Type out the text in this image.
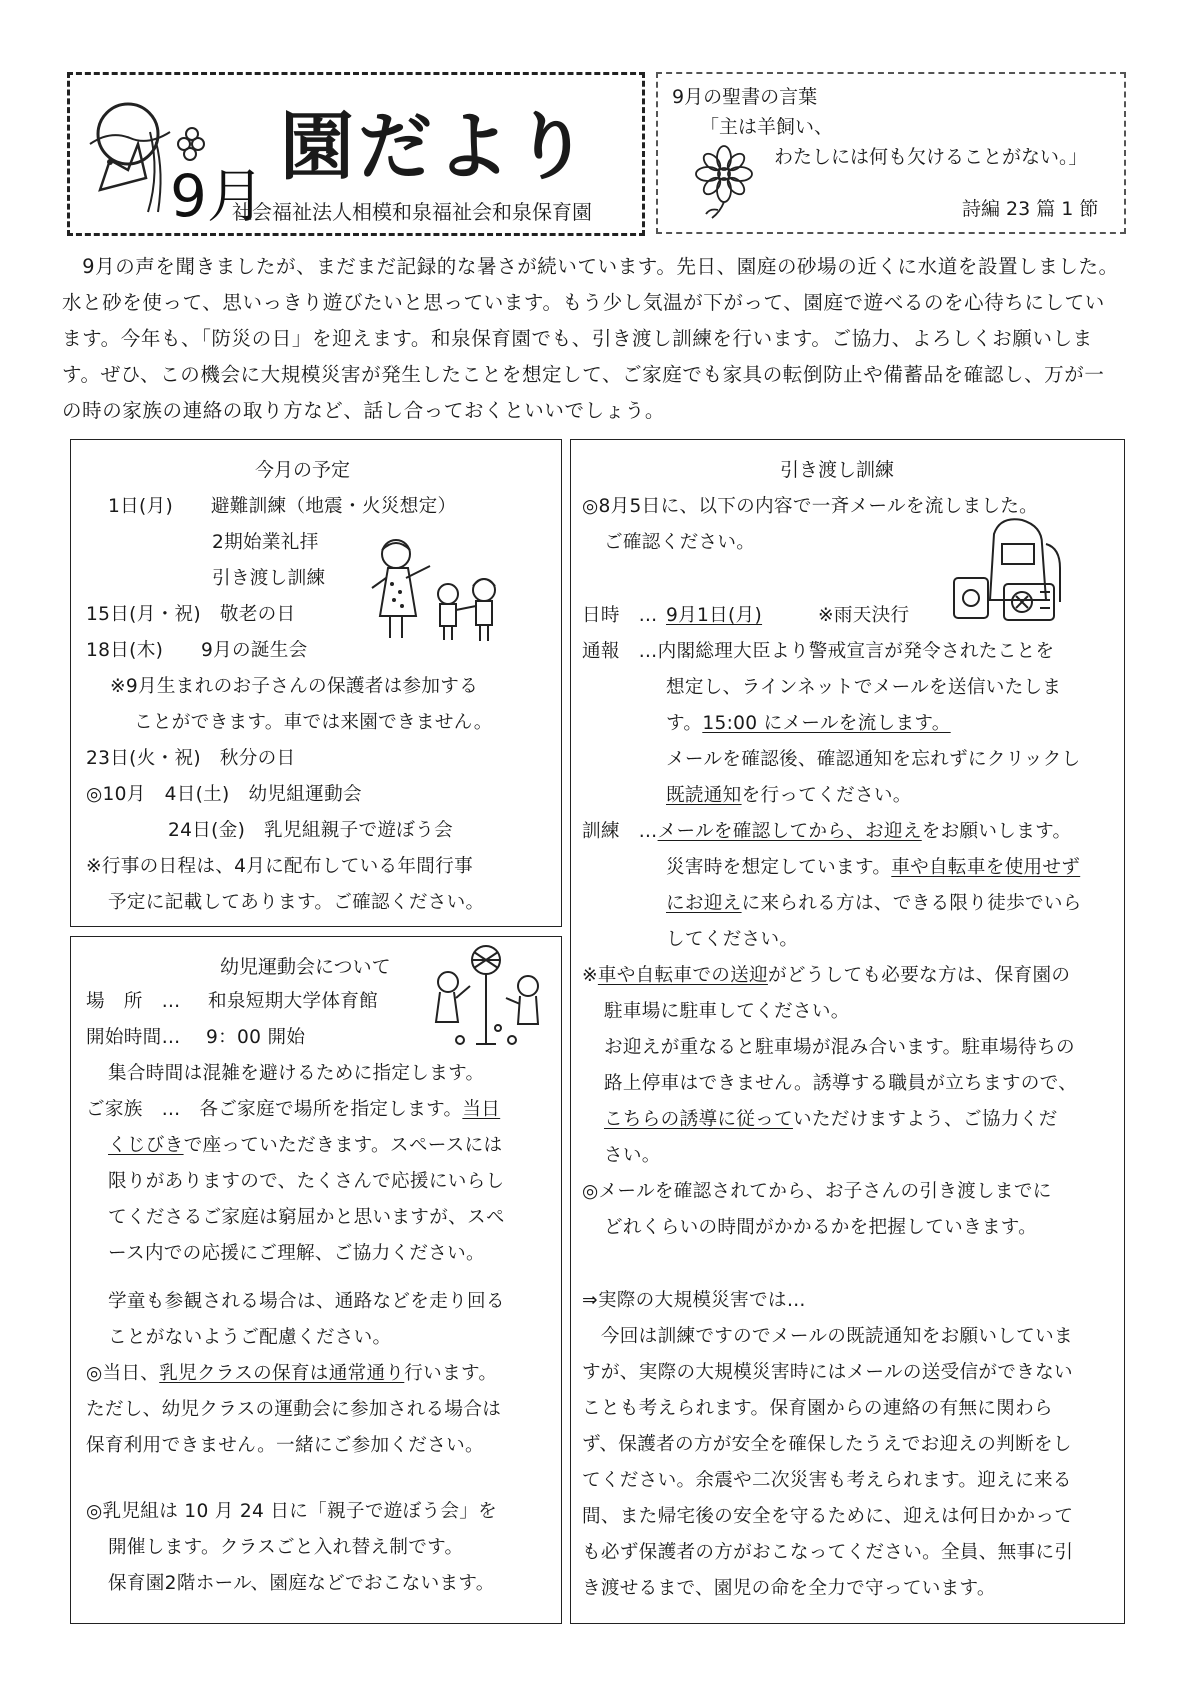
9月
園だより
社会福祉法人相模和泉福祉会和泉保育園
9月の聖書の言葉
「主は羊飼い、
わたしには何も欠けることがない。」
詩編 23 篇 1 節
　9月の声を聞きましたが、まだまだ記録的な暑さが続いています。先日、園庭の砂場の近くに水道を設置しました。
水と砂を使って、思いっきり遊びたいと思っています。もう少し気温が下がって、園庭で遊べるのを心待ちにしてい
ます。今年も、「防災の日」を迎えます。和泉保育園でも、引き渡し訓練を行います。ご協力、よろしくお願いしま
す。ぜひ、この機会に大規模災害が発生したことを想定して、ご家庭でも家具の転倒防止や備蓄品を確認し、万が一
の時の家族の連絡の取り方など、話し合っておくといいでしょう。
今月の予定
1日(月)　　避難訓練（地震・火災想定）
2期始業礼拝
引き渡し訓練
15日(月・祝)　敬老の日
18日(木)　　9月の誕生会
※9月生まれのお子さんの保護者は参加する
ことができます。車では来園できません。
23日(火・祝)　秋分の日
◎10月　4日(土)　幼児組運動会
24日(金)　乳児組親子で遊ぼう会
※行事の日程は、4月に配布している年間行事
予定に記載してあります。ご確認ください。
幼児運動会について
場　所　… 和泉短期大学体育館
開始時間… 9：00 開始
集合時間は混雑を避けるために指定します。
ご家族　…　各ご家庭で場所を指定します。当日
くじびきで座っていただきます。スペースには
限りがありますので、たくさんで応援にいらし
てくださるご家庭は窮屈かと思いますが、スペ
ース内での応援にご理解、ご協力ください。
学童も参観される場合は、通路などを走り回る
ことがないようご配慮ください。
◎当日、乳児クラスの保育は通常通り行います。
ただし、幼児クラスの運動会に参加される場合は
保育利用できません。一緒にご参加ください。
◎乳児組は 10 月 24 日に「親子で遊ぼう会」を
開催します。クラスごと入れ替え制です。
保育園2階ホール、園庭などでおこないます。
引き渡し訓練
◎8月5日に、以下の内容で一斉メールを流しました。
ご確認ください。
日時　… 9月1日(月)	※雨天決行
通報　…内閣総理大臣より警戒宣言が発令されたことを
想定し、ラインネットでメールを送信いたしま
す。15:00 にメールを流します。
メールを確認後、確認通知を忘れずにクリックし
既読通知を行ってください。
訓練　…メールを確認してから、お迎えをお願いします。
災害時を想定しています。車や自転車を使用せず
にお迎えに来られる方は、できる限り徒歩でいら
してください。
※車や自転車での送迎がどうしても必要な方は、保育園の
駐車場に駐車してください。
お迎えが重なると駐車場が混み合います。駐車場待ちの
路上停車はできません。誘導する職員が立ちますので、
こちらの誘導に従っていただけますよう、ご協力くだ
さい。
◎メールを確認されてから、お子さんの引き渡しまでに
どれくらいの時間がかかるかを把握していきます。
⇒実際の大規模災害では…
　今回は訓練ですのでメールの既読通知をお願いしていま
すが、実際の大規模災害時にはメールの送受信ができない
ことも考えられます。保育園からの連絡の有無に関わら
ず、保護者の方が安全を確保したうえでお迎えの判断をし
てください。余震や二次災害も考えられます。迎えに来る
間、また帰宅後の安全を守るために、迎えは何日かかって
も必ず保護者の方がおこなってください。全員、無事に引
き渡せるまで、園児の命を全力で守っています。
